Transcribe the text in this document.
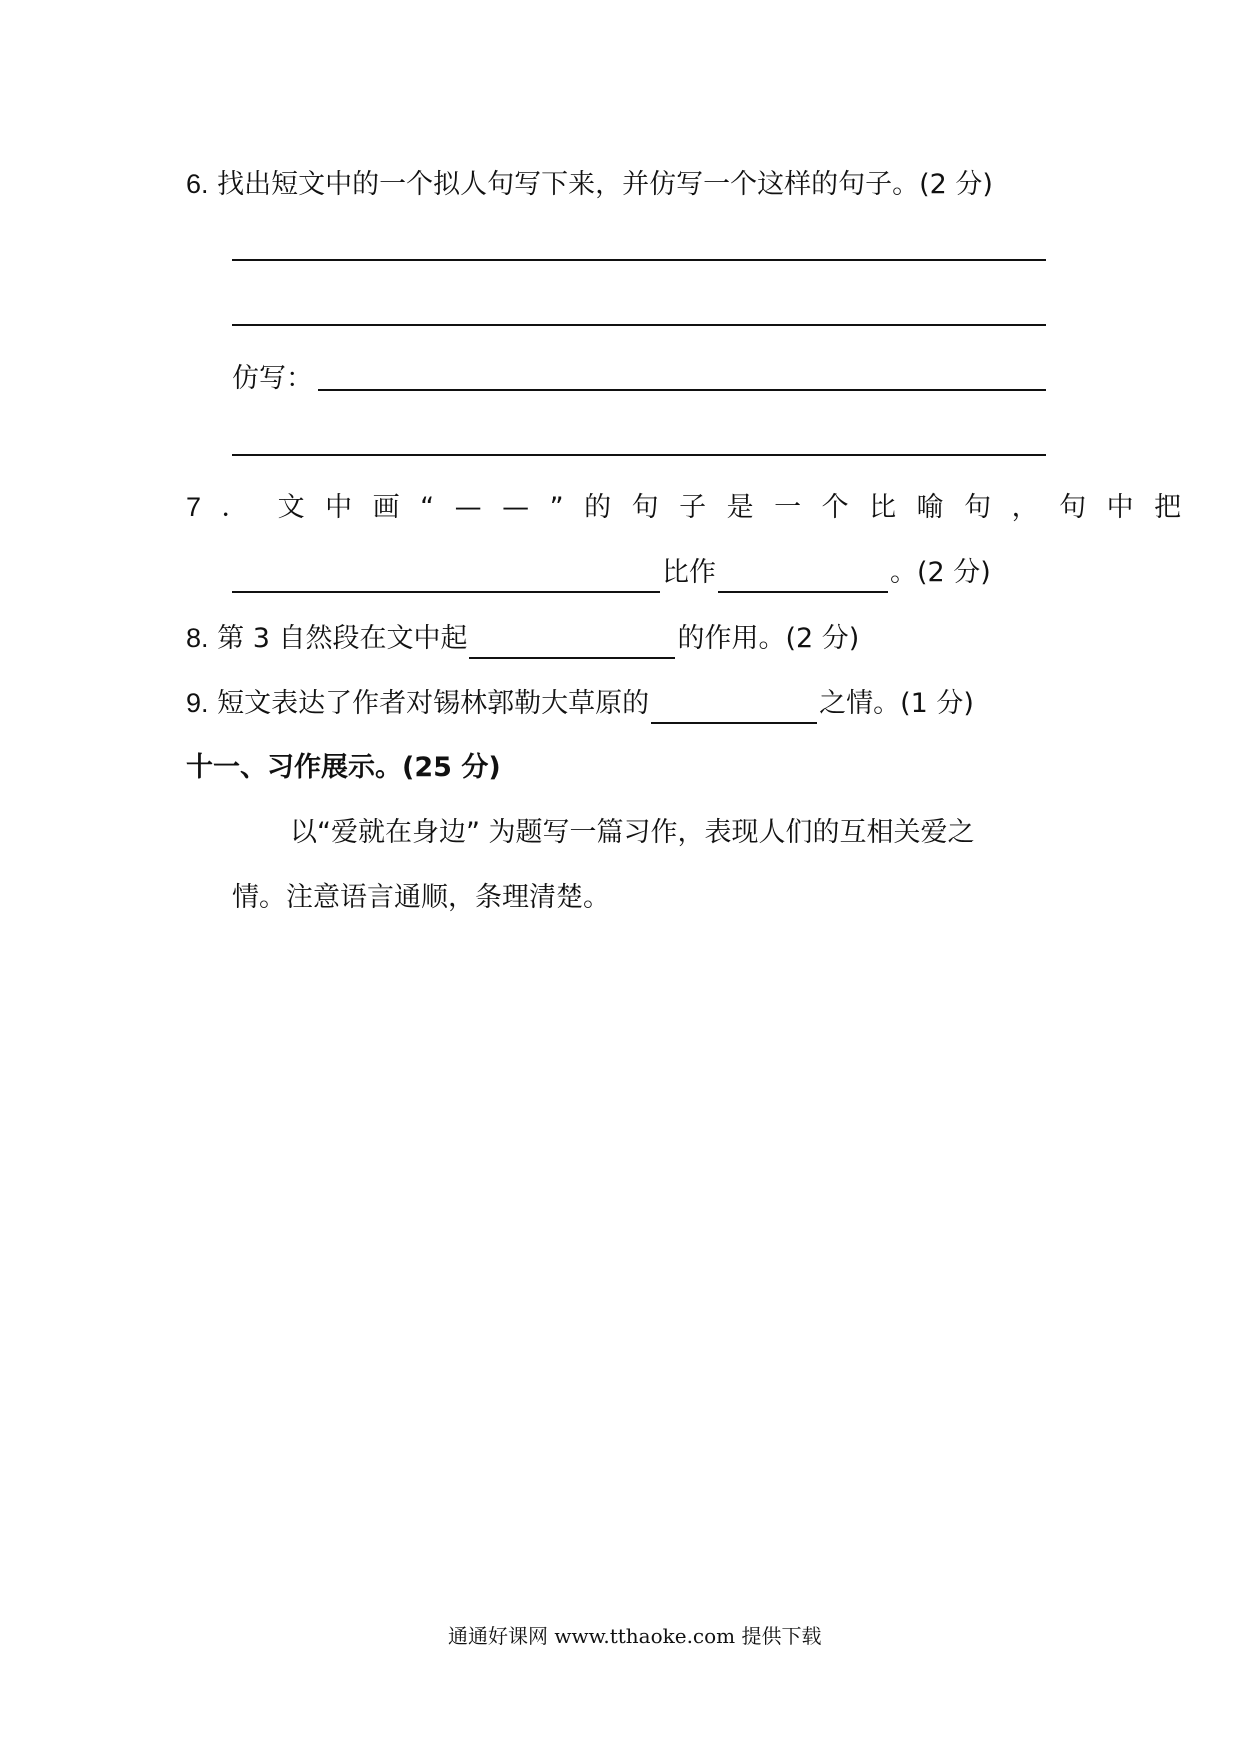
6. 找出短文中的一个拟人句写下来，并仿写一个这样的句子。(2 分)
仿写：
7． 文中画“——”的句子是一个比喻句，句中把
比作	。(2 分)
8. 第 3 自然段在文中起	的作用。(2 分)
9. 短文表达了作者对锡林郭勒大草原的	之情。(1 分)
十一、习作展示。(25 分)
以“爱就在身边” 为题写一篇习作，表现人们的互相关爱之
情。注意语言通顺，条理清楚。
通通好课网 www.tthaoke.com 提供下载
